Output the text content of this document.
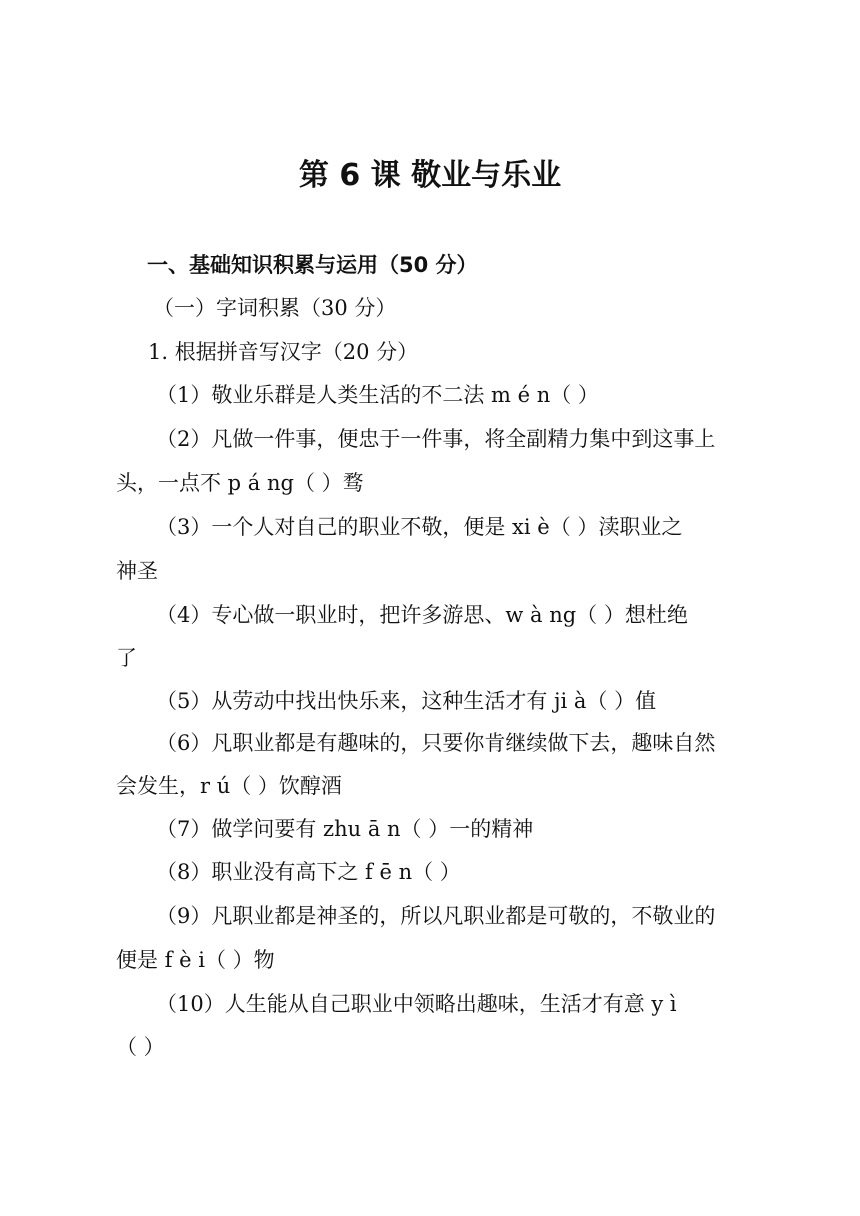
第 6 课 敬业与乐业
一、基础知识积累与运用（50 分）
（一）字词积累（30 分）
1. 根据拼音写汉字（20 分）
（1）敬业乐群是人类生活的不二法 m é n（ ）
（2）凡做一件事，便忠于一件事，将全副精力集中到这事上
头，一点不 p á ng（ ）骛
（3）一个人对自己的职业不敬，便是 xi è（ ）渎职业之
神圣
（4）专心做一职业时，把许多游思、w à ng（ ）想杜绝
了
（5）从劳动中找出快乐来，这种生活才有 ji à（ ）值
（6）凡职业都是有趣味的，只要你肯继续做下去，趣味自然
会发生，r ú（ ）饮醇酒
（7）做学问要有 zhu ā n（ ）一的精神
（8）职业没有高下之 f ē n（ ）
（9）凡职业都是神圣的，所以凡职业都是可敬的，不敬业的
便是 f è i（ ）物
（10）人生能从自己职业中领略出趣味，生活才有意 y ì
（ ）
